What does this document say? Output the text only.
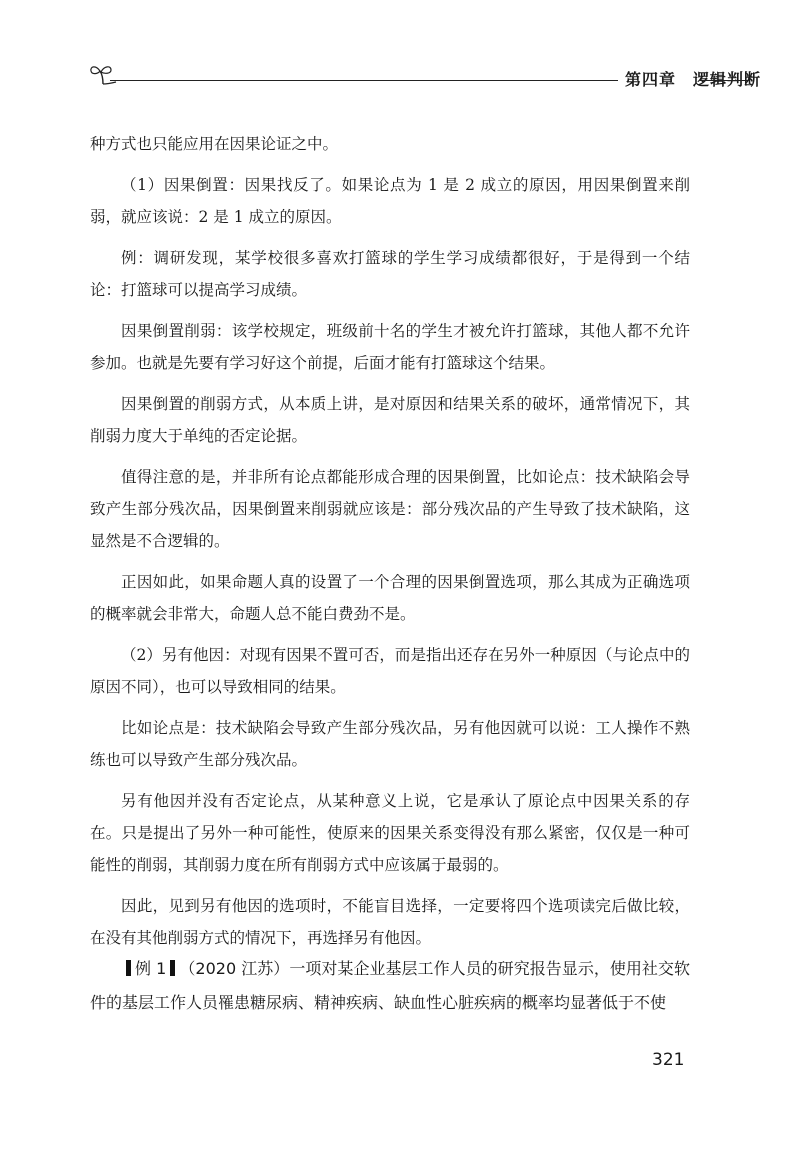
第四章　逻辑判断

种方式也只能应用在因果论证之中。

（1）因果倒置：因果找反了。如果论点为 1 是 2 成立的原因，用因果倒置来削弱，就应该说：2 是 1 成立的原因。

例：调研发现，某学校很多喜欢打篮球的学生学习成绩都很好，于是得到一个结论：打篮球可以提高学习成绩。

因果倒置削弱：该学校规定，班级前十名的学生才被允许打篮球，其他人都不允许参加。也就是先要有学习好这个前提，后面才能有打篮球这个结果。

因果倒置的削弱方式，从本质上讲，是对原因和结果关系的破坏，通常情况下，其削弱力度大于单纯的否定论据。

值得注意的是，并非所有论点都能形成合理的因果倒置，比如论点：技术缺陷会导致产生部分残次品，因果倒置来削弱就应该是：部分残次品的产生导致了技术缺陷，这显然是不合逻辑的。

正因如此，如果命题人真的设置了一个合理的因果倒置选项，那么其成为正确选项的概率就会非常大，命题人总不能白费劲不是。

（2）另有他因：对现有因果不置可否，而是指出还存在另外一种原因（与论点中的原因不同），也可以导致相同的结果。

比如论点是：技术缺陷会导致产生部分残次品，另有他因就可以说：工人操作不熟练也可以导致产生部分残次品。

另有他因并没有否定论点，从某种意义上说，它是承认了原论点中因果关系的存在。只是提出了另外一种可能性，使原来的因果关系变得没有那么紧密，仅仅是一种可能性的削弱，其削弱力度在所有削弱方式中应该属于最弱的。

因此，见到另有他因的选项时，不能盲目选择，一定要将四个选项读完后做比较，在没有其他削弱方式的情况下，再选择另有他因。

例 1 （2020 江苏）一项对某企业基层工作人员的研究报告显示，使用社交软件的基层工作人员罹患糖尿病、精神疾病、缺血性心脏疾病的概率均显著低于不使

321
